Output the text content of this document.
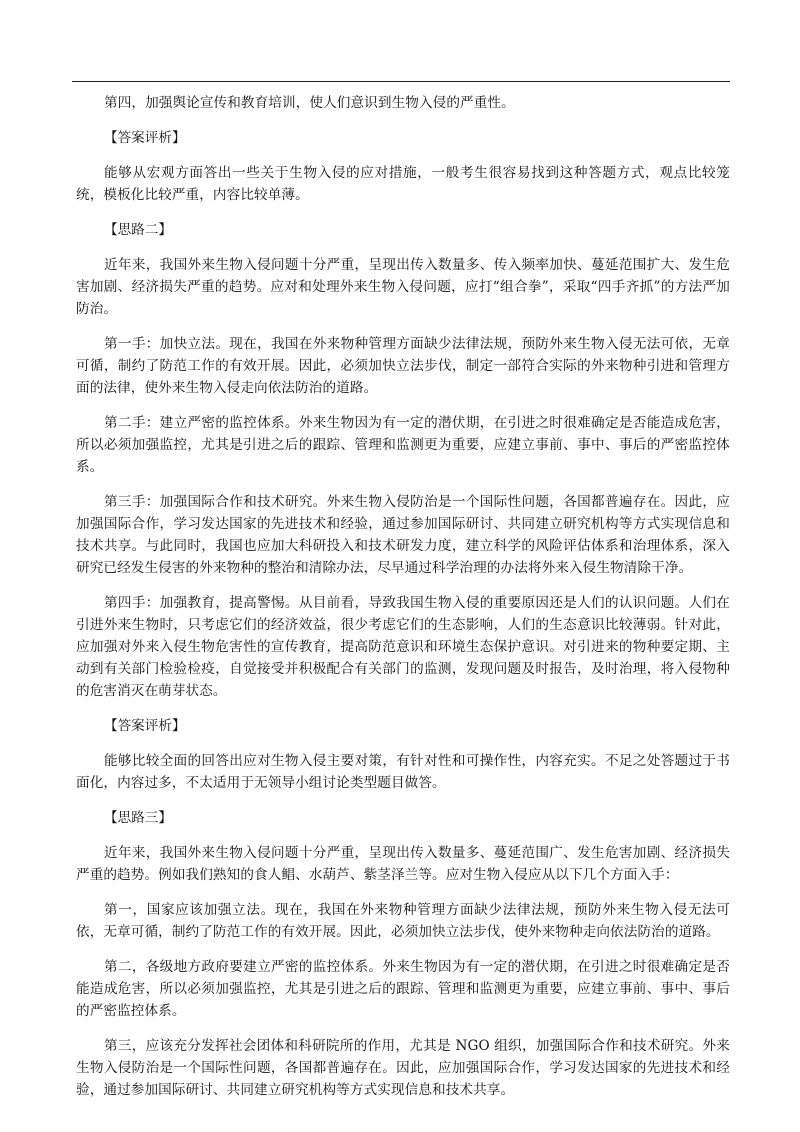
第四，加强舆论宣传和教育培训，使人们意识到生物入侵的严重性。

【答案评析】

能够从宏观方面答出一些关于生物入侵的应对措施，一般考生很容易找到这种答题方式，观点比较笼统，模板化比较严重，内容比较单薄。

【思路二】

近年来，我国外来生物入侵问题十分严重，呈现出传入数量多、传入频率加快、蔓延范围扩大、发生危害加剧、经济损失严重的趋势。应对和处理外来生物入侵问题，应打“组合拳”，采取“四手齐抓”的方法严加防治。

第一手：加快立法。现在，我国在外来物种管理方面缺少法律法规，预防外来生物入侵无法可依，无章可循，制约了防范工作的有效开展。因此，必须加快立法步伐，制定一部符合实际的外来物种引进和管理方面的法律，使外来生物入侵走向依法防治的道路。

第二手：建立严密的监控体系。外来生物因为有一定的潜伏期，在引进之时很难确定是否能造成危害，所以必须加强监控，尤其是引进之后的跟踪、管理和监测更为重要，应建立事前、事中、事后的严密监控体系。

第三手：加强国际合作和技术研究。外来生物入侵防治是一个国际性问题，各国都普遍存在。因此，应加强国际合作，学习发达国家的先进技术和经验，通过参加国际研讨、共同建立研究机构等方式实现信息和技术共享。与此同时，我国也应加大科研投入和技术研发力度，建立科学的风险评估体系和治理体系，深入研究已经发生侵害的外来物种的整治和清除办法，尽早通过科学治理的办法将外来入侵生物清除干净。

第四手：加强教育，提高警惕。从目前看，导致我国生物入侵的重要原因还是人们的认识问题。人们在引进外来生物时，只考虑它们的经济效益，很少考虑它们的生态影响，人们的生态意识比较薄弱。针对此，应加强对外来入侵生物危害性的宣传教育，提高防范意识和环境生态保护意识。对引进来的物种要定期、主动到有关部门检验检疫，自觉接受并积极配合有关部门的监测，发现问题及时报告，及时治理，将入侵物种的危害消灭在萌芽状态。

【答案评析】

能够比较全面的回答出应对生物入侵主要对策，有针对性和可操作性，内容充实。不足之处答题过于书面化，内容过多，不太适用于无领导小组讨论类型题目做答。

【思路三】

近年来，我国外来生物入侵问题十分严重，呈现出传入数量多、蔓延范围广、发生危害加剧、经济损失严重的趋势。例如我们熟知的食人鲳、水葫芦、紫茎泽兰等。应对生物入侵应从以下几个方面入手：

第一，国家应该加强立法。现在，我国在外来物种管理方面缺少法律法规，预防外来生物入侵无法可依，无章可循，制约了防范工作的有效开展。因此，必须加快立法步伐，使外来物种走向依法防治的道路。

第二，各级地方政府要建立严密的监控体系。外来生物因为有一定的潜伏期，在引进之时很难确定是否能造成危害，所以必须加强监控，尤其是引进之后的跟踪、管理和监测更为重要，应建立事前、事中、事后的严密监控体系。

第三，应该充分发挥社会团体和科研院所的作用，尤其是 NGO 组织，加强国际合作和技术研究。外来生物入侵防治是一个国际性问题，各国都普遍存在。因此，应加强国际合作，学习发达国家的先进技术和经验，通过参加国际研讨、共同建立研究机构等方式实现信息和技术共享。
